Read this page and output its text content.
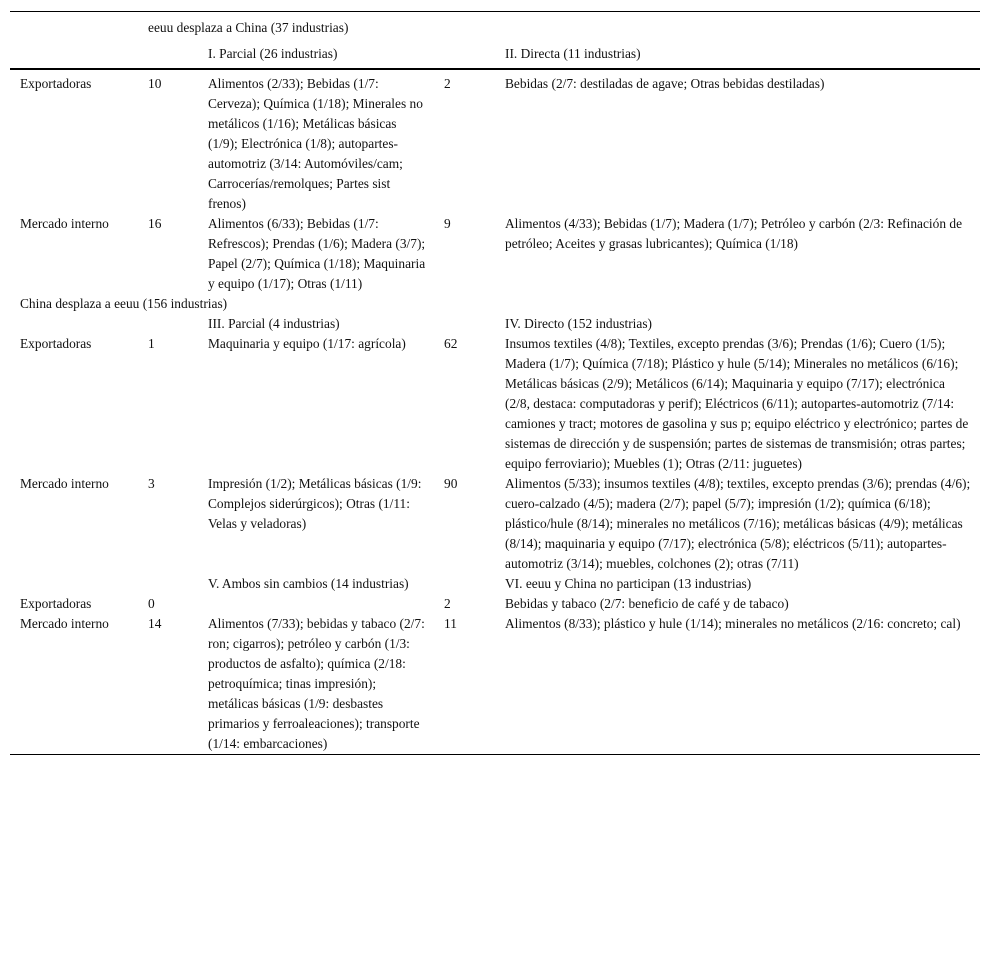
	eeuu desplaza a China (37 industrias)			
		I. Parcial (26 industrias)		II. Directa (11 industrias)

Exportadoras	10	Alimentos (2/33); Bebidas (1/7: Cerveza); Química (1/18); Minerales no metálicos (1/16); Metálicas básicas (1/9); Electrónica (1/8); autopartes-automotriz (3/14: Automóviles/cam; Carrocerías/remolques; Partes sist frenos)	2	Bebidas (2/7: destiladas de agave; Otras bebidas destiladas)
Mercado interno	16	Alimentos (6/33); Bebidas (1/7: Refrescos); Prendas (1/6); Madera (3/7); Papel (2/7); Química (1/18); Maquinaria y equipo (1/17); Otras (1/11)	9	Alimentos (4/33); Bebidas (1/7); Madera (1/7); Petróleo y carbón (2/3: Refinación de petróleo; Aceites y grasas lubricantes); Química (1/18)
China desplaza a eeuu (156 industrias)				
		III. Parcial (4 industrias)		IV. Directo (152 industrias)
Exportadoras	1	Maquinaria y equipo (1/17: agrícola)	62	Insumos textiles (4/8); Textiles, excepto prendas (3/6); Prendas (1/6); Cuero (1/5); Madera (1/7); Química (7/18); Plástico y hule (5/14); Minerales no metálicos (6/16); Metálicas básicas (2/9); Metálicos (6/14); Maquinaria y equipo (7/17); electrónica (2/8, destaca: computadoras y perif); Eléctricos (6/11); autopartes-automotriz (7/14: camiones y tract; motores de gasolina y sus p; equipo eléctrico y electrónico; partes de sistemas de dirección y de suspensión; partes de sistemas de transmisión; otras partes; equipo ferroviario); Muebles (1); Otras (2/11: juguetes)
Mercado interno	3	Impresión (1/2); Metálicas básicas (1/9: Complejos siderúrgicos); Otras (1/11: Velas y veladoras)	90	Alimentos (5/33); insumos textiles (4/8); textiles, excepto prendas (3/6); prendas (4/6); cuero-calzado (4/5); madera (2/7); papel (5/7); impresión (1/2); química (6/18); plástico/hule (8/14); minerales no metálicos (7/16); metálicas básicas (4/9); metálicas (8/14); maquinaria y equipo (7/17); electrónica (5/8); eléctricos (5/11); autopartes-automotriz (3/14); muebles, colchones (2); otras (7/11)
		V. Ambos sin cambios (14 industrias)		VI. eeuu y China no participan (13 industrias)
Exportadoras	0		2	Bebidas y tabaco (2/7: beneficio de café y de tabaco)
Mercado interno	14	Alimentos (7/33); bebidas y tabaco (2/7: ron; cigarros); petróleo y carbón (1/3: productos de asfalto); química (2/18: petroquímica; tinas impresión); metálicas básicas (1/9: desbastes primarios y ferroaleaciones); transporte (1/14: embarcaciones)	11	Alimentos (8/33); plástico y hule (1/14); minerales no metálicos (2/16: concreto; cal)
